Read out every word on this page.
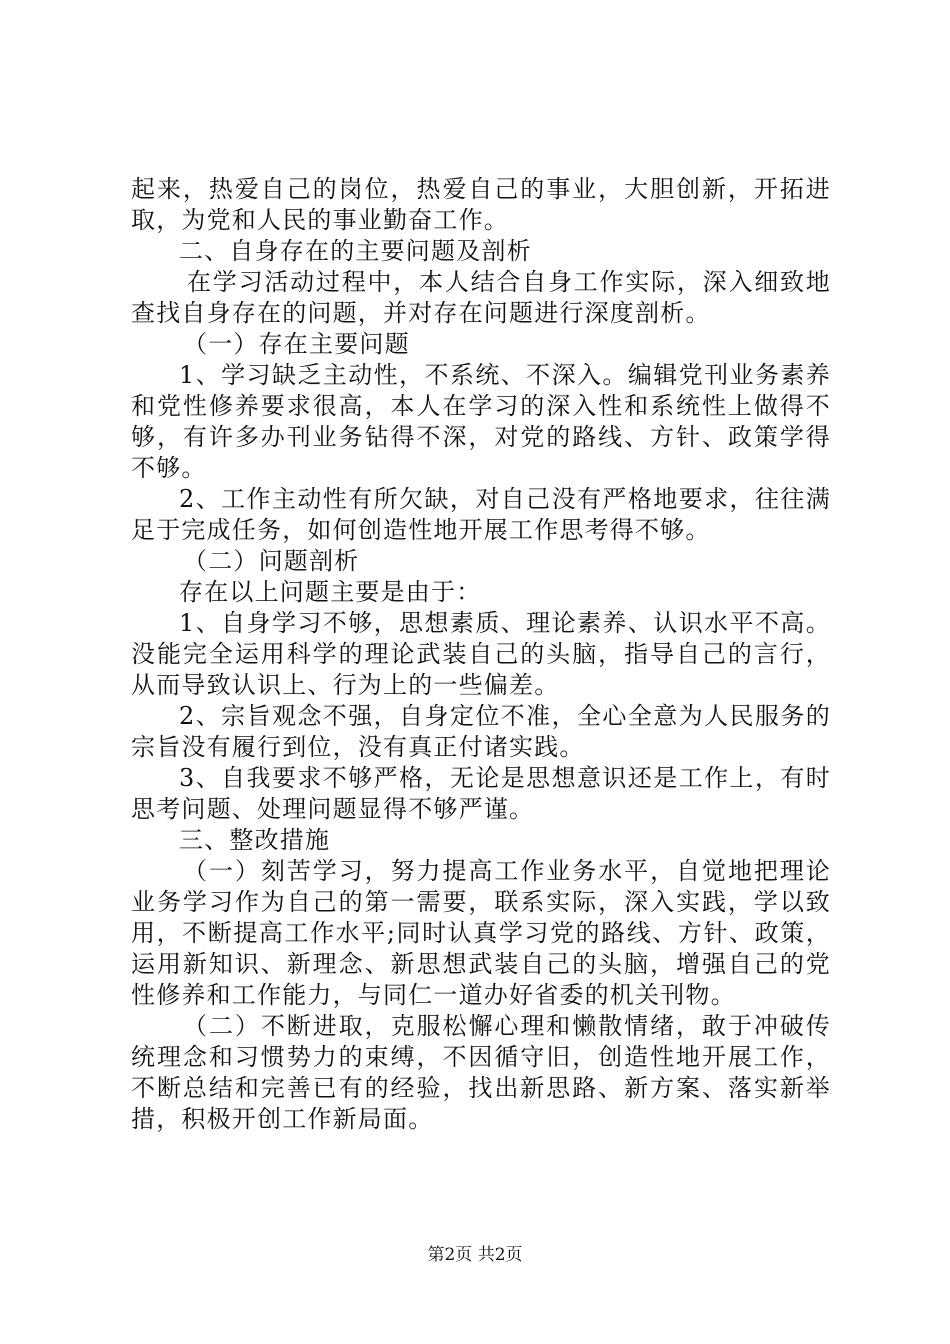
起来，热爱自己的岗位，热爱自己的事业，大胆创新，开拓进取，为党和人民的事业勤奋工作。

二、自身存在的主要问题及剖析

在学习活动过程中，本人结合自身工作实际，深入细致地查找自身存在的问题，并对存在问题进行深度剖析。

（一）存在主要问题

1、学习缺乏主动性，不系统、不深入。编辑党刊业务素养和党性修养要求很高，本人在学习的深入性和系统性上做得不够，有许多办刊业务钻得不深，对党的路线、方针、政策学得不够。

2、工作主动性有所欠缺，对自己没有严格地要求，往往满足于完成任务，如何创造性地开展工作思考得不够。

（二）问题剖析

存在以上问题主要是由于：

1、自身学习不够，思想素质、理论素养、认识水平不高。没能完全运用科学的理论武装自己的头脑，指导自己的言行，从而导致认识上、行为上的一些偏差。

2、宗旨观念不强，自身定位不准，全心全意为人民服务的宗旨没有履行到位，没有真正付诸实践。

3、自我要求不够严格，无论是思想意识还是工作上，有时思考问题、处理问题显得不够严谨。

三、整改措施

（一）刻苦学习，努力提高工作业务水平，自觉地把理论业务学习作为自己的第一需要，联系实际，深入实践，学以致用，不断提高工作水平;同时认真学习党的路线、方针、政策，运用新知识、新理念、新思想武装自己的头脑，增强自己的党性修养和工作能力，与同仁一道办好省委的机关刊物。

（二）不断进取，克服松懈心理和懒散情绪，敢于冲破传统理念和习惯势力的束缚，不因循守旧，创造性地开展工作，不断总结和完善已有的经验，找出新思路、新方案、落实新举措，积极开创工作新局面。

第2页 共2页
